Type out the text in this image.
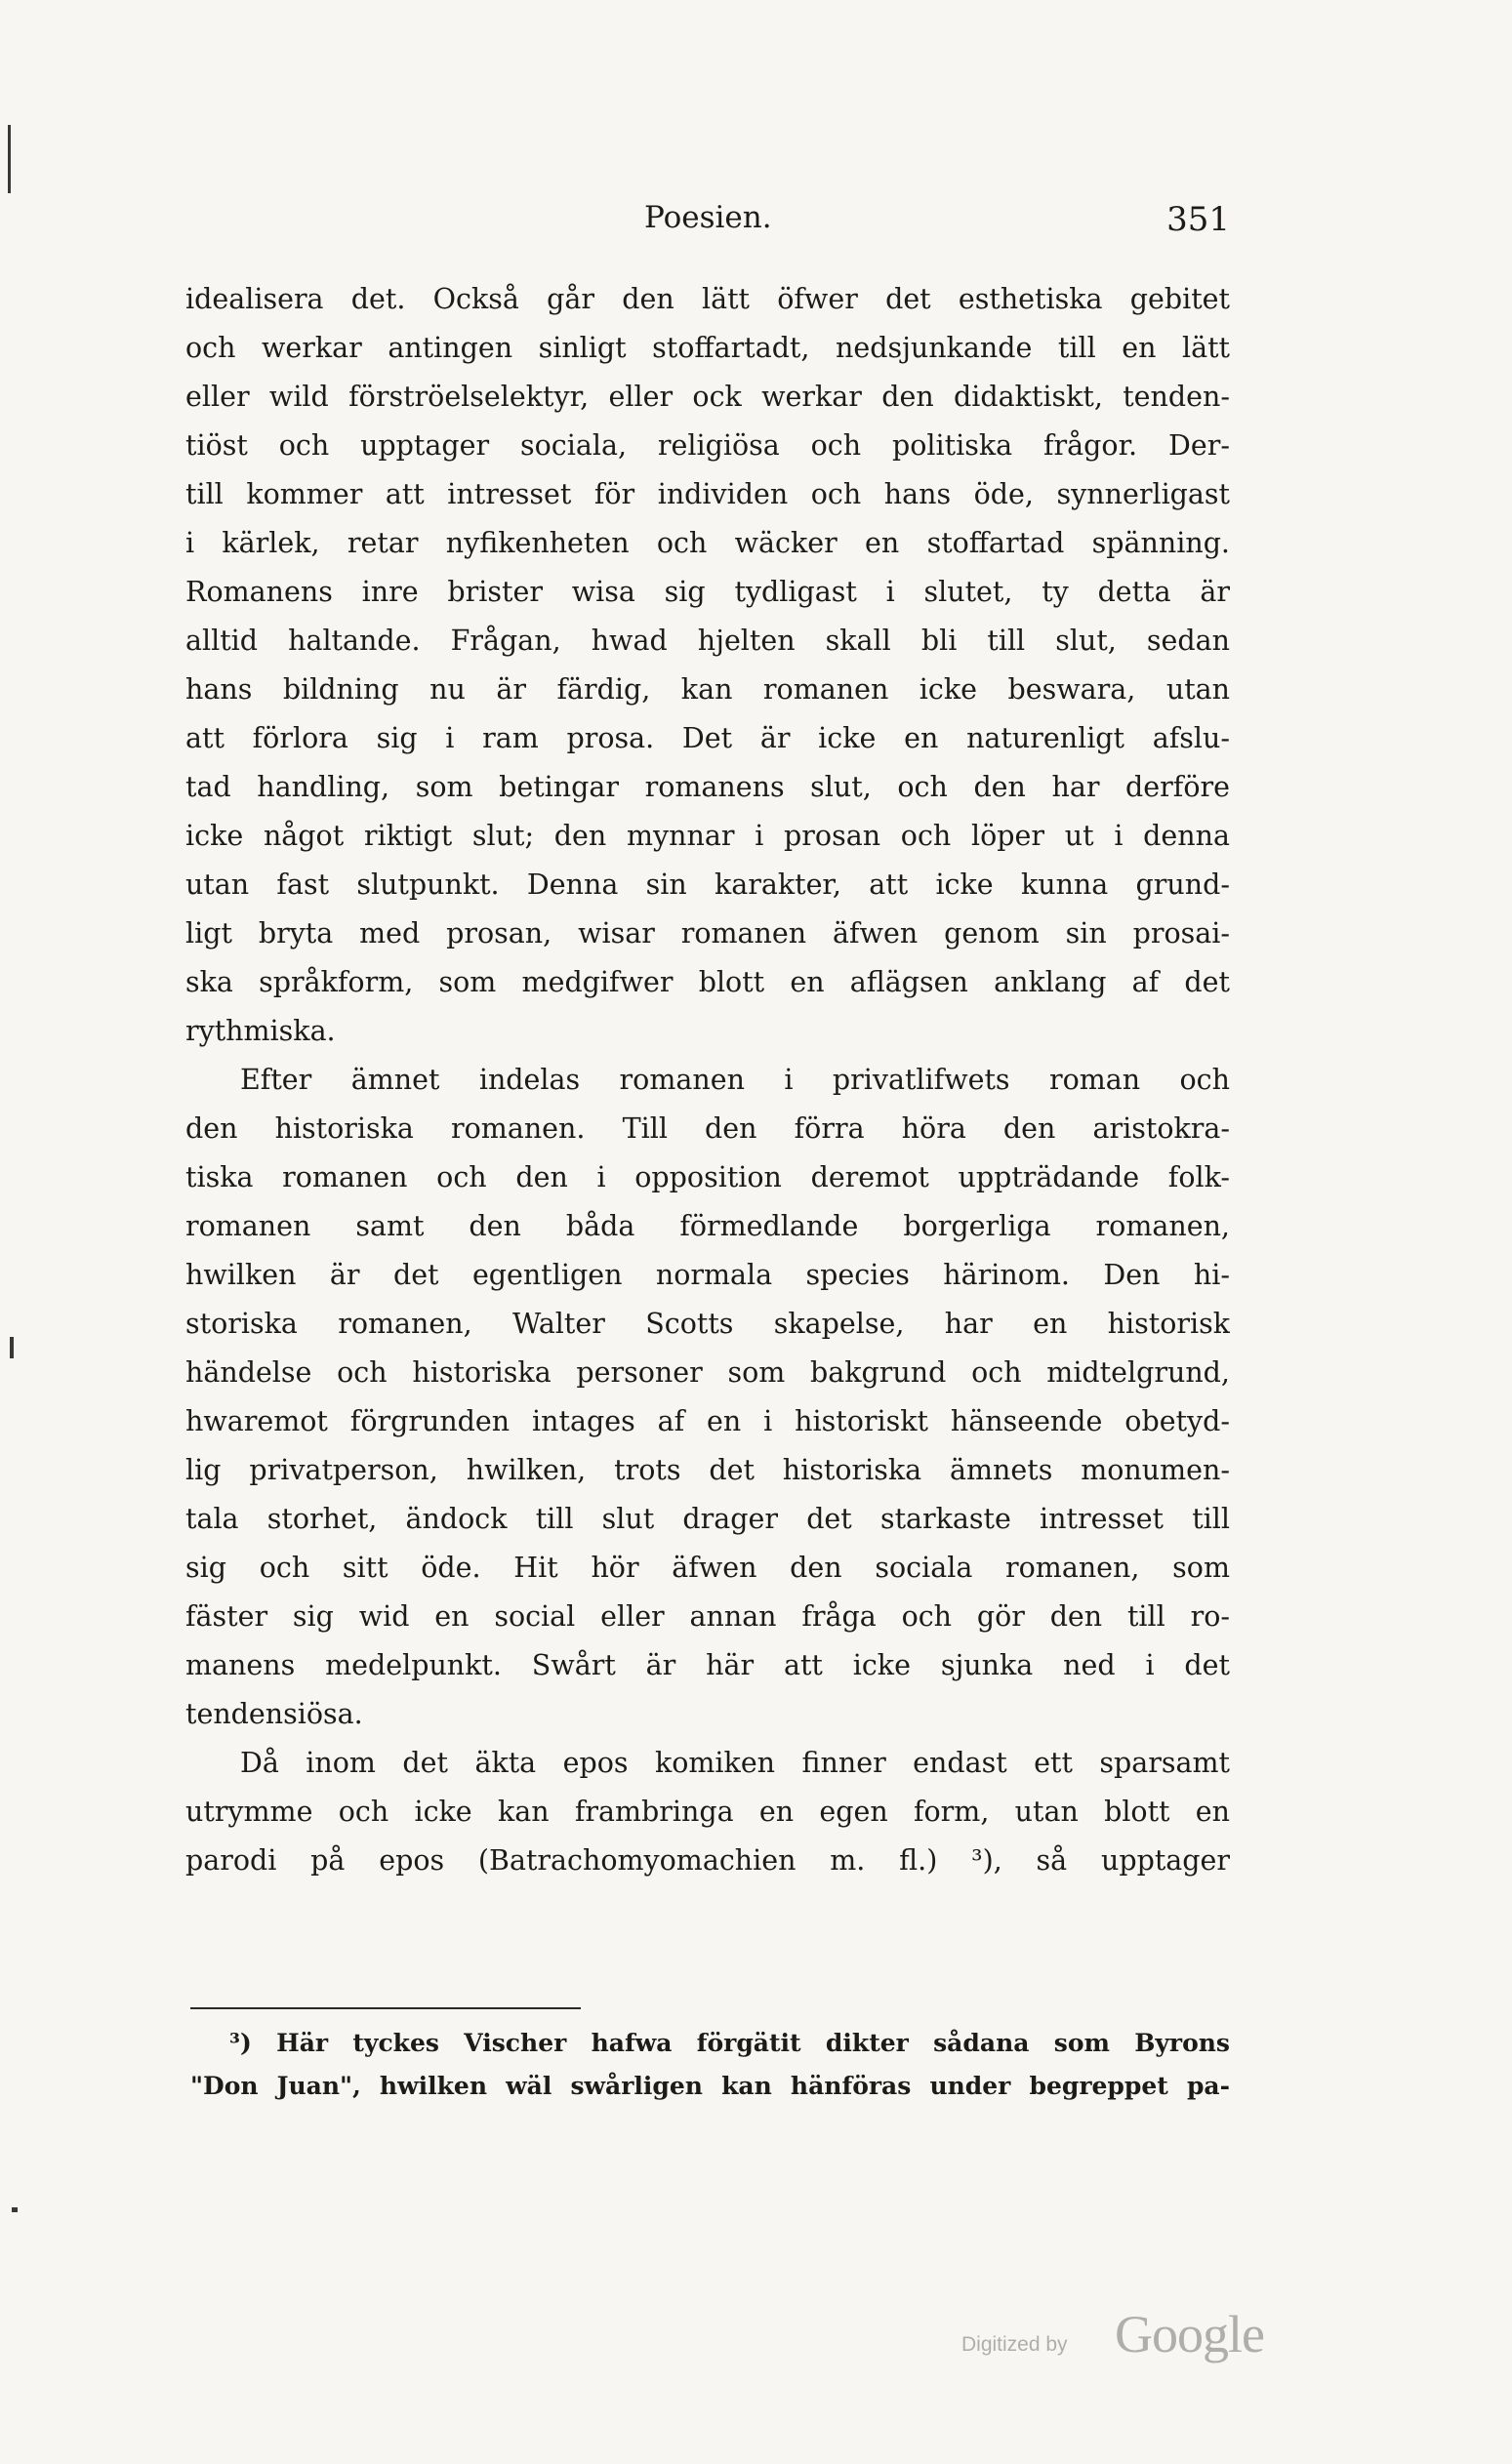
Poesien.	351
idealisera det. Också går den lätt öfwer det esthetiska gebitet
och werkar antingen sinligt stoffartadt, nedsjunkande till en lätt
eller wild förströelselektyr, eller ock werkar den didaktiskt, tenden-
tiöst och upptager sociala, religiösa och politiska frågor. Der-
till kommer att intresset för individen och hans öde, synnerligast
i kärlek, retar nyfikenheten och wäcker en stoffartad spänning.
Romanens inre brister wisa sig tydligast i slutet, ty detta är
alltid haltande. Frågan, hwad hjelten skall bli till slut, sedan
hans bildning nu är färdig, kan romanen icke beswara, utan
att förlora sig i ram prosa. Det är icke en naturenligt afslu-
tad handling, som betingar romanens slut, och den har derföre
icke något riktigt slut; den mynnar i prosan och löper ut i denna
utan fast slutpunkt. Denna sin karakter, att icke kunna grund-
ligt bryta med prosan, wisar romanen äfwen genom sin prosai-
ska språkform, som medgifwer blott en aflägsen anklang af det
rythmiska.
Efter ämnet indelas romanen i privatlifwets roman och
den historiska romanen. Till den förra höra den aristokra-
tiska romanen och den i opposition deremot uppträdande folk-
romanen samt den båda förmedlande borgerliga romanen,
hwilken är det egentligen normala species härinom. Den hi-
storiska romanen, Walter Scotts skapelse, har en historisk
händelse och historiska personer som bakgrund och midtelgrund,
hwaremot förgrunden intages af en i historiskt hänseende obetyd-
lig privatperson, hwilken, trots det historiska ämnets monumen-
tala storhet, ändock till slut drager det starkaste intresset till
sig och sitt öde. Hit hör äfwen den sociala romanen, som
fäster sig wid en social eller annan fråga och gör den till ro-
manens medelpunkt. Swårt är här att icke sjunka ned i det
tendensiösa.
Då inom det äkta epos komiken finner endast ett sparsamt
utrymme och icke kan frambringa en egen form, utan blott en
parodi på epos (Batrachomyomachien m. fl.) ³), så upptager
³) Här tyckes Vischer hafwa förgätit dikter sådana som Byrons
"Don Juan", hwilken wäl swårligen kan hänföras under begreppet pa-
Digitized by Google
